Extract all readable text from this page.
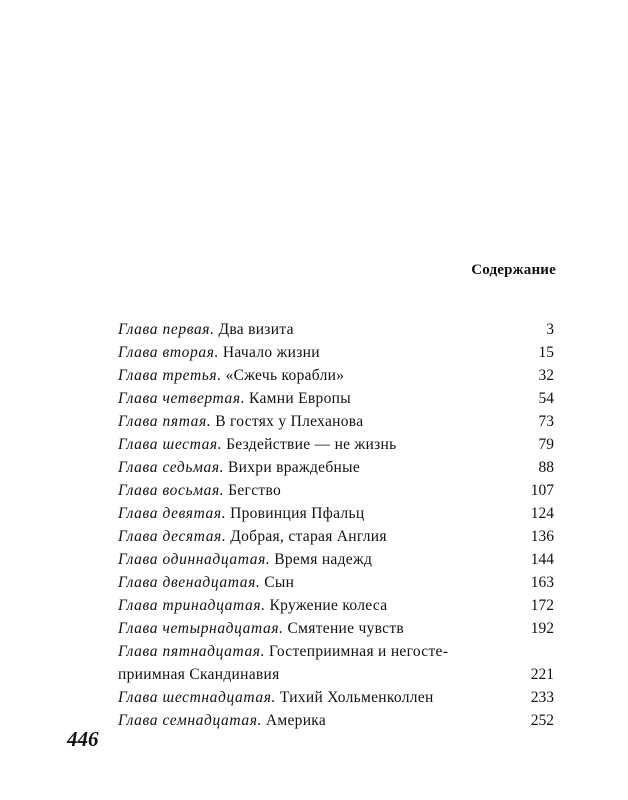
Содержание
Глава первая. Два визита	3
Глава вторая. Начало жизни	15
Глава третья. «Сжечь корабли»	32
Глава четвертая. Камни Европы	54
Глава пятая. В гостях у Плеханова	73
Глава шестая. Бездействие — не жизнь	79
Глава седьмая. Вихри враждебные	88
Глава восьмая. Бегство	107
Глава девятая. Провинция Пфальц	124
Глава десятая. Добрая, старая Англия	136
Глава одиннадцатая. Время надежд	144
Глава двенадцатая. Сын	163
Глава тринадцатая. Кружение колеса	172
Глава четырнадцатая. Смятение чувств	192
Глава пятнадцатая. Гостеприимная и негосте-
приимная Скандинавия	221
Глава шестнадцатая. Тихий Хольменколлен	233
Глава семнадцатая. Америка	252
446
